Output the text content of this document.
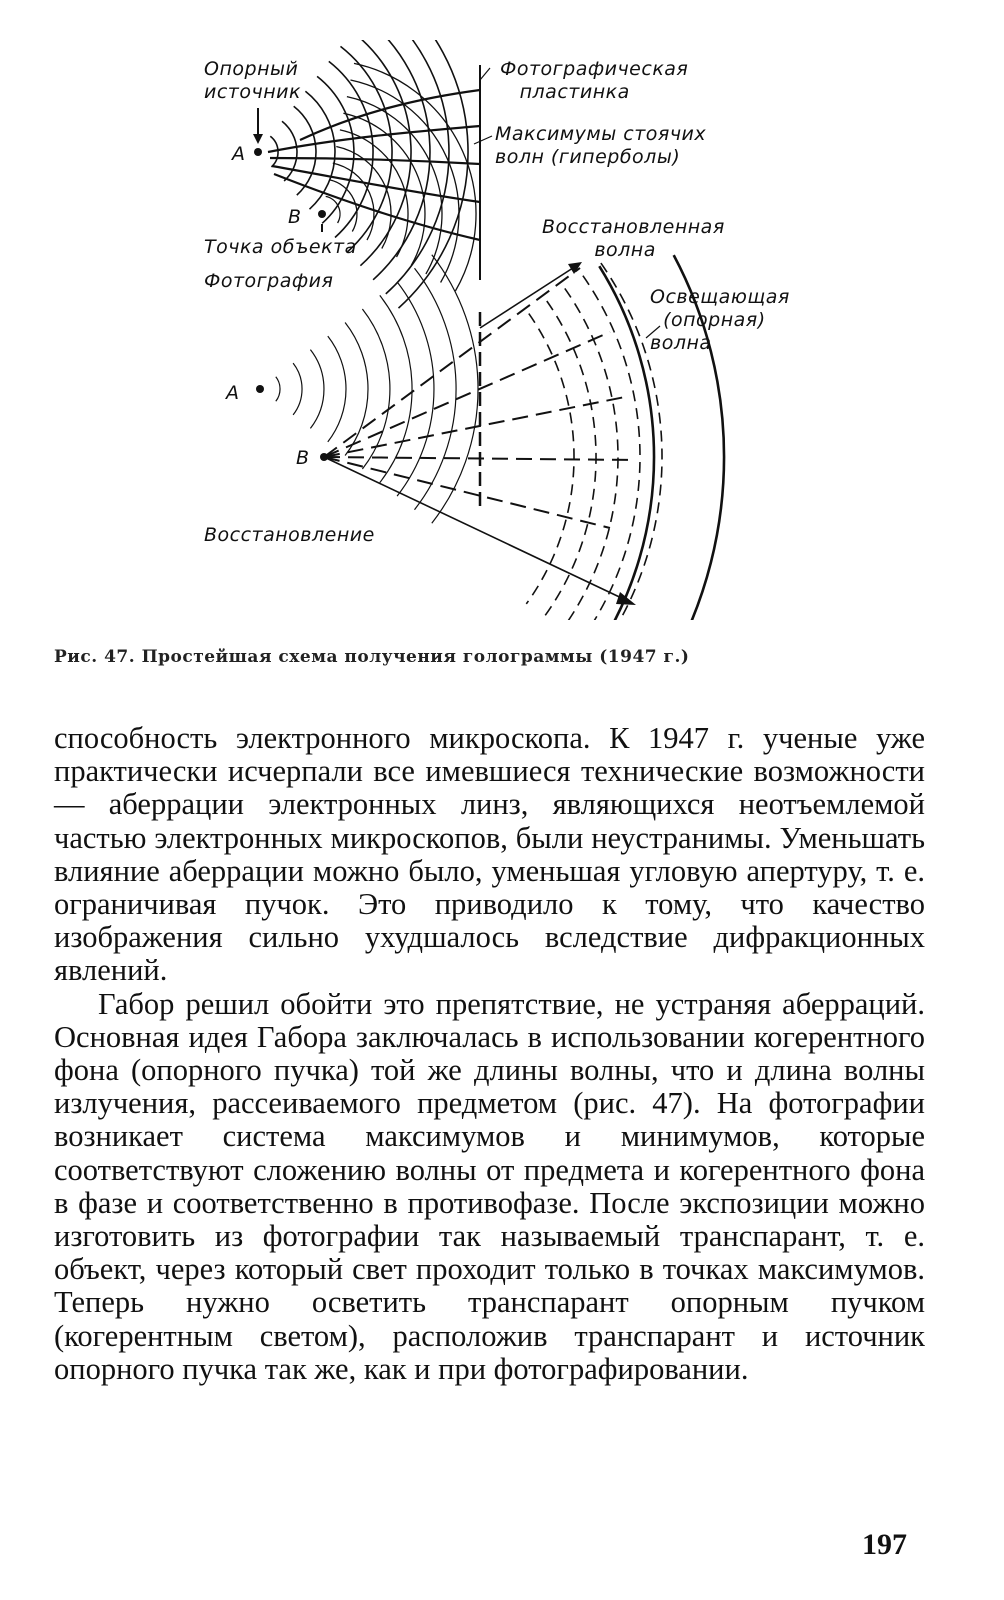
Опорный
источник
A
B
Точка объекта
Фотография
Фотографическая
пластинка
Максимумы стоячих
волн (гиперболы)
Восстановленная
волна
Освещающая
(опорная)
волна
A
B
Восстановление
Рис. 47. Простейшая схема получения голограммы (1947 г.)

способность электронного микроскопа. К 1947 г. ученые уже практически исчерпали все имевшиеся технические возможности — аберрации электронных линз, являющихся неотъемлемой частью электронных микроскопов, были неустранимы. Уменьшать влияние аберрации можно было, уменьшая угловую апертуру, т. е. ограничивая пучок. Это приводило к тому, что качество изображения сильно ухудшалось вследствие дифракционных явлений.

Габор решил обойти это препятствие, не устраняя аберраций. Основная идея Габора заключалась в использовании когерентного фона (опорного пучка) той же длины волны, что и длина волны излучения, рассеиваемого предметом (рис. 47). На фотографии возникает система максимумов и минимумов, которые соответствуют сложению волны от предмета и когерентного фона в фазе и соответственно в противофазе. После экспозиции можно изготовить из фотографии так называемый транспарант, т. е. объект, через который свет проходит только в точках максимумов. Теперь нужно осветить транспарант опорным пучком (когерентным светом), расположив транспарант и источник опорного пучка так же, как и при фотографировании.

197
